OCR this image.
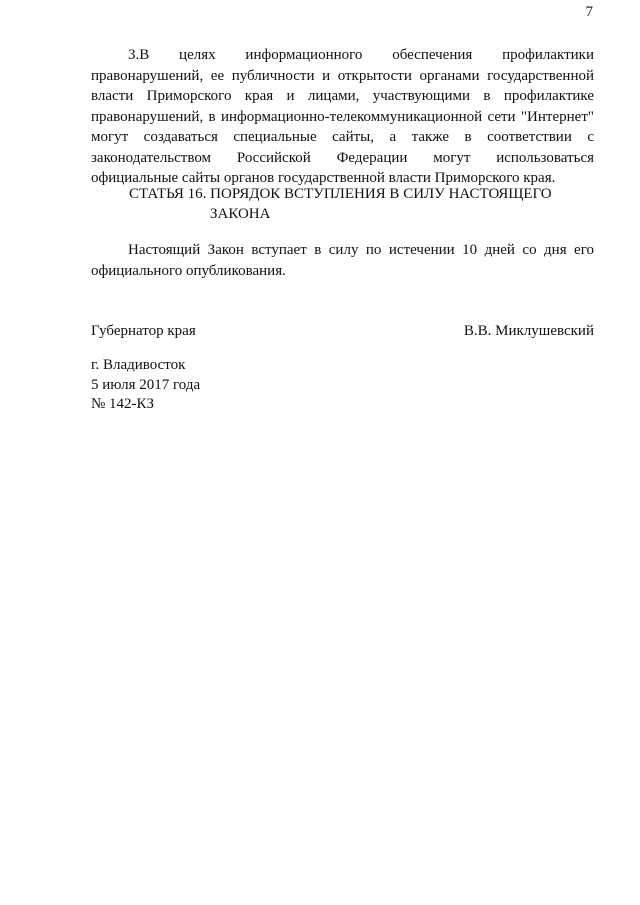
7

3.В целях информационного обеспечения профилактики правонарушений, ее публичности и открытости органами государственной власти Приморского края и лицами, участвующими в профилактике правонарушений, в информационно-телекоммуникационной сети "Интернет" могут создаваться специальные сайты, а также в соответствии с законодательством Российской Федерации могут использоваться официальные сайты органов государственной власти Приморского края.

СТАТЬЯ 16. ПОРЯДОК ВСТУПЛЕНИЯ В СИЛУ НАСТОЯЩЕГО
ЗАКОНА

Настоящий Закон вступает в силу по истечении 10 дней со дня его официального опубликования.

Губернатор края	В.В. Миклушевский
г. Владивосток
5 июля 2017 года
№ 142-КЗ
